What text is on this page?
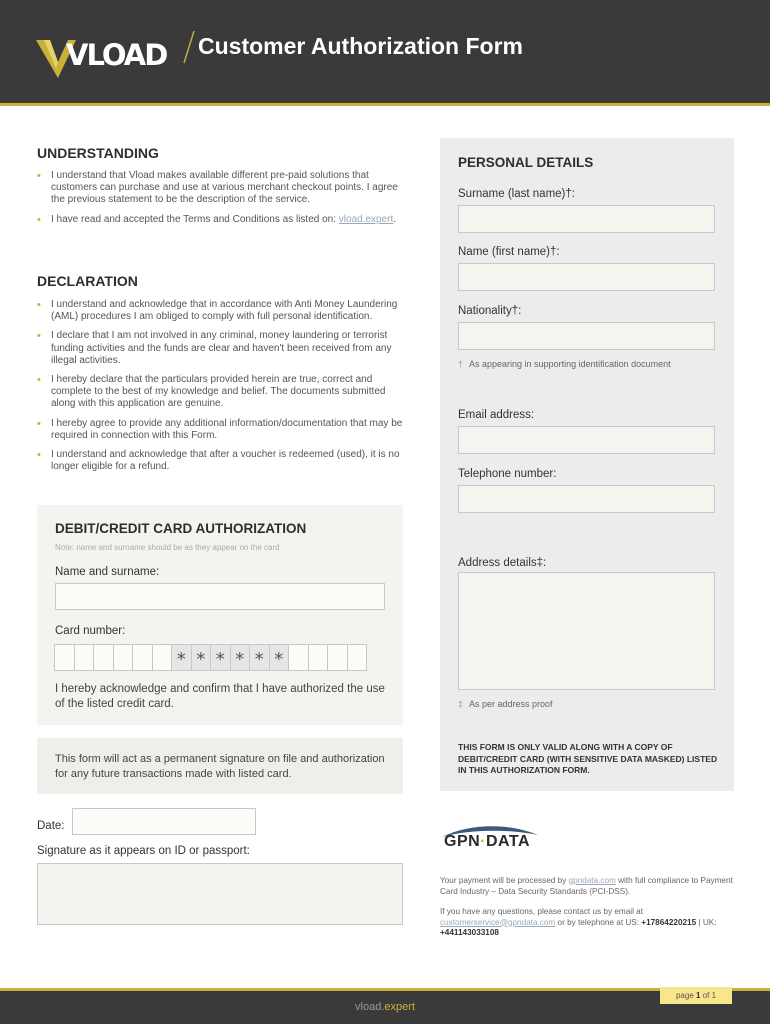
Customer Authorization Form
VLOAD
UNDERSTANDING
• I understand that Vload makes available different pre-paid solutions that customers can purchase and use at various merchant checkout points. I agree the previous statement to be the description of the service.
• I have read and accepted the Terms and Conditions as listed on: vload.expert.
DECLARATION
• I understand and acknowledge that in accordance with Anti Money Laundering (AML) procedures I am obliged to comply with full personal identification.
• I declare that I am not involved in any criminal, money laundering or terrorist funding activities and the funds are clear and haven't been received from any illegal activities.
• I hereby declare that the particulars provided herein are true, correct and complete to the best of my knowledge and belief. The documents submitted along with this application are genuine.
• I hereby agree to provide any additional information/documentation that may be required in connection with this Form.
• I understand and acknowledge that after a voucher is redeemed (used), it is no longer eligible for a refund.
DEBIT/CREDIT CARD AUTHORIZATION
Note: name and surname should be as they appear on the card
Name and surname:
Card number:
* * * * * *
I hereby acknowledge and confirm that I have authorized the use of the listed credit card.
This form will act as a permanent signature on file and authorization for any future transactions made with listed card.
Date:
Signature as it appears on ID or passport:
PERSONAL DETAILS
Surname (last name)†:
Name (first name)†:
Nationality†:
† As appearing in supporting identification document
Email address:
Telephone number:
Address details‡:
‡ As per address proof
THIS FORM IS ONLY VALID ALONG WITH A COPY OF DEBIT/CREDIT CARD (WITH SENSITIVE DATA MASKED) LISTED IN THIS AUTHORIZATION FORM.
GPN·DATA
Your payment will be processed by gpndata.com with full compliance to Payment Card Industry – Data Security Standards (PCI-DSS).
If you have any questions, please contact us by email at customerservice@gpndata.com or by telephone at US: +17864220215 | UK: +441143033108
page 1 of 1
vload.expert
